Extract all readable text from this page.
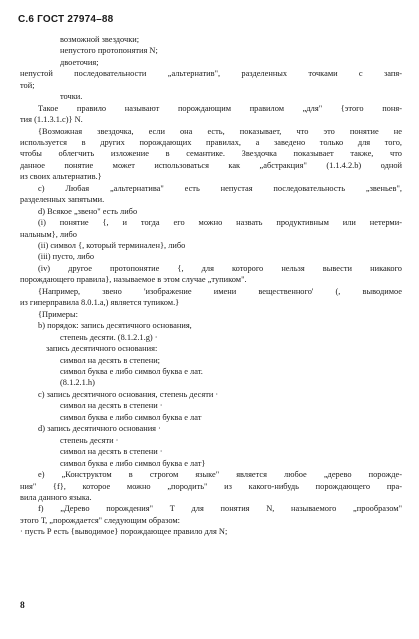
С.6 ГОСТ 27974–88
возможной звездочки;
непустого протопонятия N;
двоеточия;
непустой последовательности „альтернатив", разделенных точками с запя-
той;
точки.
Такое правило называют порождающим правилом „для" {этого поня-
тия (1.1.3.1.с)} N.
{Возможная звездочка, если она есть, показывает, что это понятие не
используется в других порождающих правилах, а заведено только для того,
чтобы облегчить изложение в семантике. Звездочка показывает также, что
данное понятие может использоваться как „абстракция" (1.1.4.2.b) одной
из своих альтернатив.}
с) Любая „альтернатива" есть непустая последовательность „звеньев",
разделенных запятыми.
d) Всякое „звено" есть либо
(i) понятие {, и тогда его можно назвать продуктивным или нетерми-
нальным}, либо
(ii) символ {, который терминален}, либо
(iii) пусто, либо
(iv) другое протопонятие {, для которого нельзя вывести никакого
порождающего правила}, называемое в этом случае „тупиком".
{Например, звено 'изображение имени вещественного' (, выводимое
из гиперправила 8.0.1.a,) является тупиком.}
{Примеры:
b) порядок: запись десятичного основания,
степень десяти. (8.1.2.1.g) ·
запись десятичного основания:
символ на десять в степени;
символ буква е либо символ буква е лат.
(8.1.2.1.h)
с) запись десятичного основания, степень десяти ·
символ на десять в степени ·
символ буква е либо символ буква е лат
d) запись десятичного основания ·
степень десяти ·
символ на десять в степени ·
символ буква е либо символ буква е лат}
е) „Конструктом в строгом языке" является любое „дерево порожде-
ния" {f}, которое можно „породить" из какого-нибудь порождающего пра-
вила данного языка.
f) „Дерево порождения" Т для понятия N, называемого „прообразом"
этого Т, „порождается" следующим образом:
· пусть Р есть {выводимое} порождающее правило для N;
8
